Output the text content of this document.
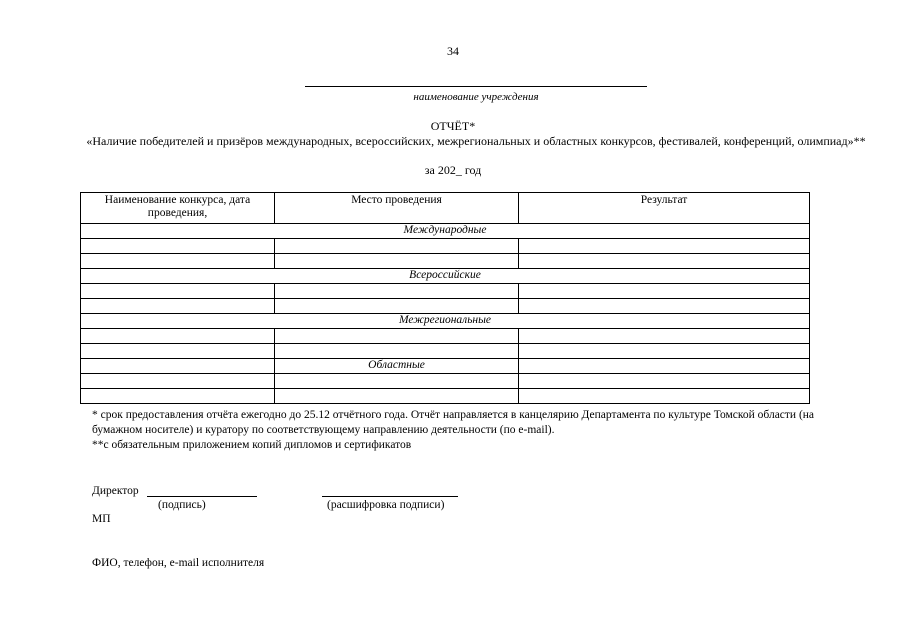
34
наименование учреждения
ОТЧЁТ*
«Наличие победителей и призёров международных, всероссийских, межрегиональных и областных конкурсов, фестивалей, конференций, олимпиад»**
за 202_ год
Наименование конкурса, дата проведения,	Место проведения	Результат
Международные		

Всероссийские		

Межрегиональные		

	Областные	

* срок предоставления отчёта ежегодно до 25.12 отчётного года. Отчёт направляется в канцелярию Департамента по культуре Томской области (на бумажном носителе) и куратору по соответствующему направлению деятельности (по e-mail).
**с обязательным приложением копий дипломов и сертификатов
Директор
(подпись)	(расшифровка подписи)
МП
ФИО, телефон, e-mail исполнителя
